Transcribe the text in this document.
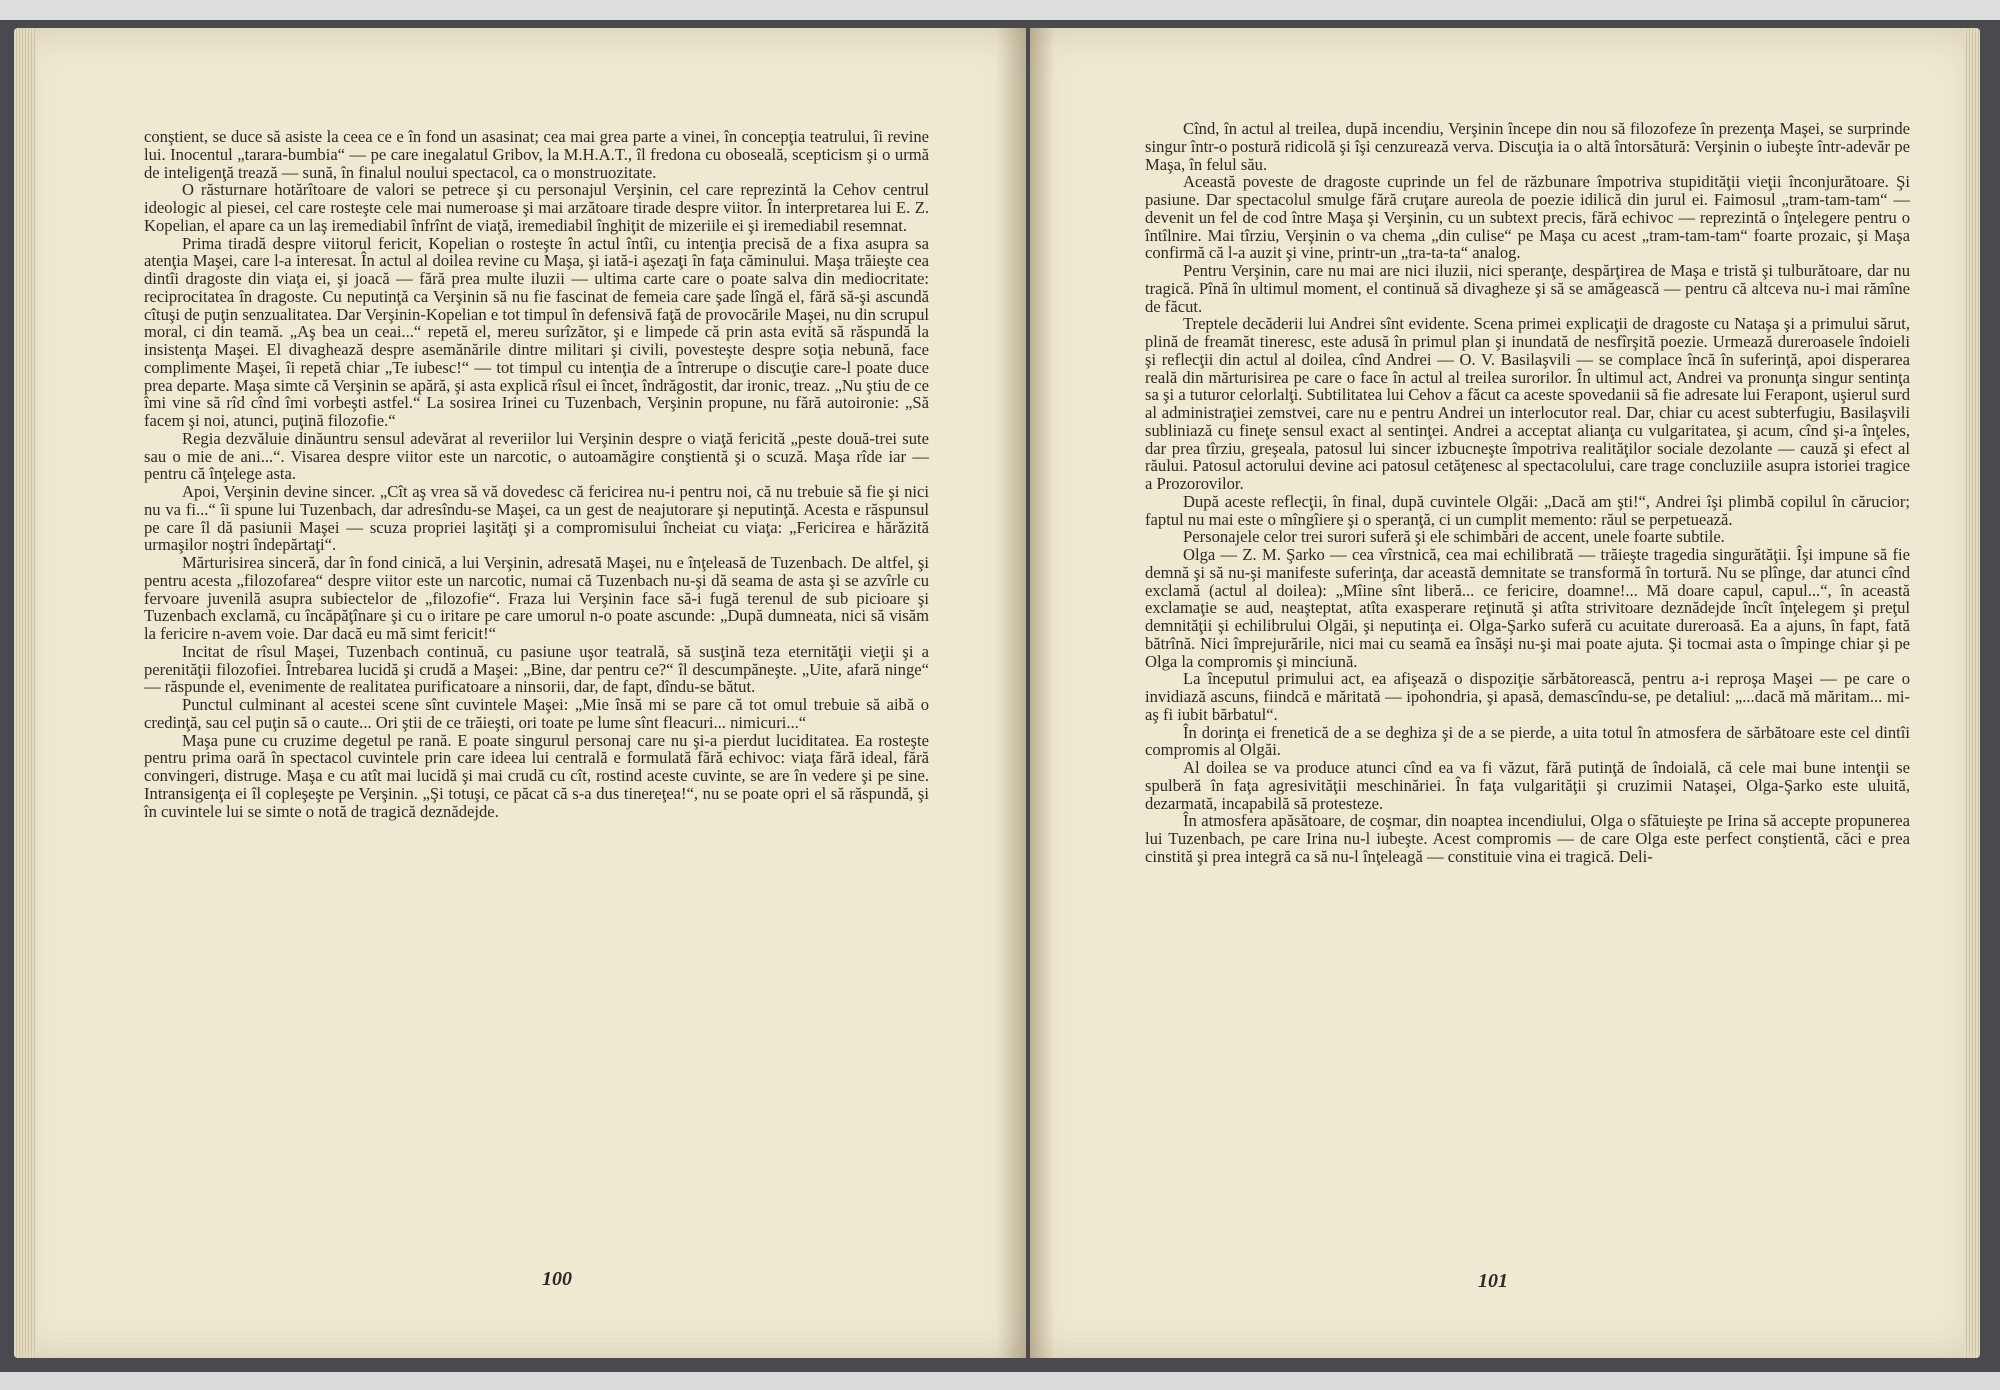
conştient, se duce să asiste la ceea ce e în fond un asasinat; cea mai grea parte a vinei, în concepţia teatrului, îi revine lui. Inocentul „tarara-bumbia“ — pe care inegalatul Gribov, la M.H.A.T., îl fredona cu oboseală, scepticism şi o urmă de inteligenţă trează — sună, în finalul noului spectacol, ca o monstruozitate.

O răsturnare hotărîtoare de valori se petrece şi cu personajul Verşinin, cel care reprezintă la Cehov centrul ideologic al piesei, cel care rosteşte cele mai numeroase şi mai arzătoare tirade despre viitor. În interpretarea lui E. Z. Kopelian, el apare ca un laş iremediabil înfrînt de viaţă, iremediabil înghiţit de mizeriile ei şi iremediabil resemnat.

Prima tiradă despre viitorul fericit, Kopelian o rosteşte în actul întîi, cu intenţia precisă de a fixa asupra sa atenţia Maşei, care l-a interesat. În actul al doilea revine cu Maşa, şi iată-i aşezaţi în faţa căminului. Maşa trăieşte cea dintîi dragoste din viaţa ei, şi joacă — fără prea multe iluzii — ultima carte care o poate salva din mediocritate: reciprocitatea în dragoste. Cu neputinţă ca Verşinin să nu fie fascinat de femeia care şade lîngă el, fără să-şi ascundă cîtuşi de puţin senzualitatea. Dar Verşinin-Kopelian e tot timpul în defensivă faţă de provocările Maşei, nu din scrupul moral, ci din teamă. „Aş bea un ceai...“ repetă el, mereu surîzător, şi e limpede că prin asta evită să răspundă la insistenţa Maşei. El divaghează despre asemănările dintre militari şi civili, povesteşte despre soţia nebună, face complimente Maşei, îi repetă chiar „Te iubesc!“ — tot timpul cu intenţia de a întrerupe o discuţie care-l poate duce prea departe. Maşa simte că Verşinin se apără, şi asta explică rîsul ei încet, îndrăgostit, dar ironic, treaz. „Nu ştiu de ce îmi vine să rîd cînd îmi vorbeşti astfel.“ La sosirea Irinei cu Tuzenbach, Verşinin propune, nu fără autoironie: „Să facem şi noi, atunci, puţină filozofie.“

Regia dezvăluie dinăuntru sensul adevărat al reveriilor lui Verşinin despre o viaţă fericită „peste două-trei sute sau o mie de ani...“. Visarea despre viitor este un narcotic, o autoamăgire conştientă şi o scuză. Maşa rîde iar — pentru că înţelege asta.

Apoi, Verşinin devine sincer. „Cît aş vrea să vă dovedesc că fericirea nu-i pentru noi, că nu trebuie să fie şi nici nu va fi...“ îi spune lui Tuzenbach, dar adresîndu-se Maşei, ca un gest de neajutorare şi neputinţă. Acesta e răspunsul pe care îl dă pasiunii Maşei — scuza propriei laşităţi şi a compromisului încheiat cu viaţa: „Fericirea e hărăzită urmaşilor noştri îndepărtaţi“.

Mărturisirea sinceră, dar în fond cinică, a lui Verşinin, adresată Maşei, nu e înţeleasă de Tuzenbach. De altfel, şi pentru acesta „filozofarea“ despre viitor este un narcotic, numai că Tuzenbach nu-şi dă seama de asta şi se azvîrle cu fervoare juvenilă asupra subiectelor de „filozofie“. Fraza lui Verşinin face să-i fugă terenul de sub picioare şi Tuzenbach exclamă, cu încăpăţînare şi cu o iritare pe care umorul n-o poate ascunde: „După dumneata, nici să visăm la fericire n-avem voie. Dar dacă eu mă simt fericit!“

Incitat de rîsul Maşei, Tuzenbach continuă, cu pasiune uşor teatrală, să susţină teza eternităţii vieţii şi a perenităţii filozofiei. Întrebarea lucidă şi crudă a Maşei: „Bine, dar pentru ce?“ îl descumpăneşte. „Uite, afară ninge“ — răspunde el, evenimente de realitatea purificatoare a ninsorii, dar, de fapt, dîndu-se bătut.

Punctul culminant al acestei scene sînt cuvintele Maşei: „Mie însă mi se pare că tot omul trebuie să aibă o credinţă, sau cel puţin să o caute... Ori ştii de ce trăieşti, ori toate pe lume sînt fleacuri... nimicuri...“

Maşa pune cu cruzime degetul pe rană. E poate singurul personaj care nu şi-a pierdut luciditatea. Ea rosteşte pentru prima oară în spectacol cuvintele prin care ideea lui centrală e formulată fără echivoc: viaţa fără ideal, fără convingeri, distruge. Maşa e cu atît mai lucidă şi mai crudă cu cît, rostind aceste cuvinte, se are în vedere şi pe sine. Intransigenţa ei îl copleşeşte pe Verşinin. „Şi totuşi, ce păcat că s-a dus tinereţea!“, nu se poate opri el să răspundă, şi în cuvintele lui se simte o notă de tragică deznădejde.

100

Cînd, în actul al treilea, după incendiu, Verşinin începe din nou să filozofeze în prezenţa Maşei, se surprinde singur într-o postură ridicolă şi îşi cenzurează verva. Discuţia ia o altă întorsătură: Verşinin o iubeşte într-adevăr pe Maşa, în felul său.

Această poveste de dragoste cuprinde un fel de răzbunare împotriva stupidităţii vieţii înconjurătoare. Şi pasiune. Dar spectacolul smulge fără cruţare aureola de poezie idilică din jurul ei. Faimosul „tram-tam-tam“ — devenit un fel de cod între Maşa şi Verşinin, cu un subtext precis, fără echivoc — reprezintă o înţelegere pentru o întîlnire. Mai tîrziu, Verşinin o va chema „din culise“ pe Maşa cu acest „tram-tam-tam“ foarte prozaic, şi Maşa confirmă că l-a auzit şi vine, printr-un „tra-ta-ta“ analog.

Pentru Verşinin, care nu mai are nici iluzii, nici speranţe, despărţirea de Maşa e tristă şi tulburătoare, dar nu tragică. Pînă în ultimul moment, el continuă să divagheze şi să se amăgească — pentru că altceva nu-i mai rămîne de făcut.

Treptele decăderii lui Andrei sînt evidente. Scena primei explicaţii de dragoste cu Nataşa şi a primului sărut, plină de freamăt tineresc, este adusă în primul plan şi inundată de nesfîrşită poezie. Urmează dureroasele îndoieli şi reflecţii din actul al doilea, cînd Andrei — O. V. Basilaşvili — se complace încă în suferinţă, apoi disperarea reală din mărturisirea pe care o face în actul al treilea surorilor. În ultimul act, Andrei va pronunţa singur sentinţa sa şi a tuturor celorlalţi. Subtilitatea lui Cehov a făcut ca aceste spovedanii să fie adresate lui Ferapont, uşierul surd al administraţiei zemstvei, care nu e pentru Andrei un interlocutor real. Dar, chiar cu acest subterfugiu, Basilaşvili subliniază cu fineţe sensul exact al sentinţei. Andrei a acceptat alianţa cu vulgaritatea, şi acum, cînd şi-a înţeles, dar prea tîrziu, greşeala, patosul lui sincer izbucneşte împotriva realităţilor sociale dezolante — cauză şi efect al răului. Patosul actorului devine aci patosul cetăţenesc al spectacolului, care trage concluziile asupra istoriei tragice a Prozorovilor.

După aceste reflecţii, în final, după cuvintele Olgăi: „Dacă am şti!“, Andrei îşi plimbă copilul în cărucior; faptul nu mai este o mîngîiere şi o speranţă, ci un cumplit memento: răul se perpetuează.

Personajele celor trei surori suferă şi ele schimbări de accent, unele foarte subtile.

Olga — Z. M. Şarko — cea vîrstnică, cea mai echilibrată — trăieşte tragedia singurătăţii. Îşi impune să fie demnă şi să nu-şi manifeste suferinţa, dar această demnitate se transformă în tortură. Nu se plînge, dar atunci cînd exclamă (actul al doilea): „Mîine sînt liberă... ce fericire, doamne!... Mă doare capul, capul...“, în această exclamaţie se aud, neaşteptat, atîta exasperare reţinută şi atîta strivitoare deznădejde încît înţelegem şi preţul demnităţii şi echilibrului Olgăi, şi neputinţa ei. Olga-Şarko suferă cu acuitate dureroasă. Ea a ajuns, în fapt, fată bătrînă. Nici împrejurările, nici mai cu seamă ea însăşi nu-şi mai poate ajuta. Şi tocmai asta o împinge chiar şi pe Olga la compromis şi minciună.

La începutul primului act, ea afişează o dispoziţie sărbătorească, pentru a-i reproşa Maşei — pe care o invidiază ascuns, fiindcă e măritată — ipohondria, şi apasă, demascîndu-se, pe detaliul: „...dacă mă măritam... mi-aş fi iubit bărbatul“.

În dorinţa ei frenetică de a se deghiza şi de a se pierde, a uita totul în atmosfera de sărbătoare este cel dintîi compromis al Olgăi.

Al doilea se va produce atunci cînd ea va fi văzut, fără putinţă de îndoială, că cele mai bune intenţii se spulberă în faţa agresivităţii meschinăriei. În faţa vulgarităţii şi cruzimii Nataşei, Olga-Şarko este uluită, dezarmată, incapabilă să protesteze.

În atmosfera apăsătoare, de coşmar, din noaptea incendiului, Olga o sfătuieşte pe Irina să accepte propunerea lui Tuzenbach, pe care Irina nu-l iubeşte. Acest compromis — de care Olga este perfect conştientă, căci e prea cinstită şi prea integră ca să nu-l înţeleagă — constituie vina ei tragică. Deli-

101
